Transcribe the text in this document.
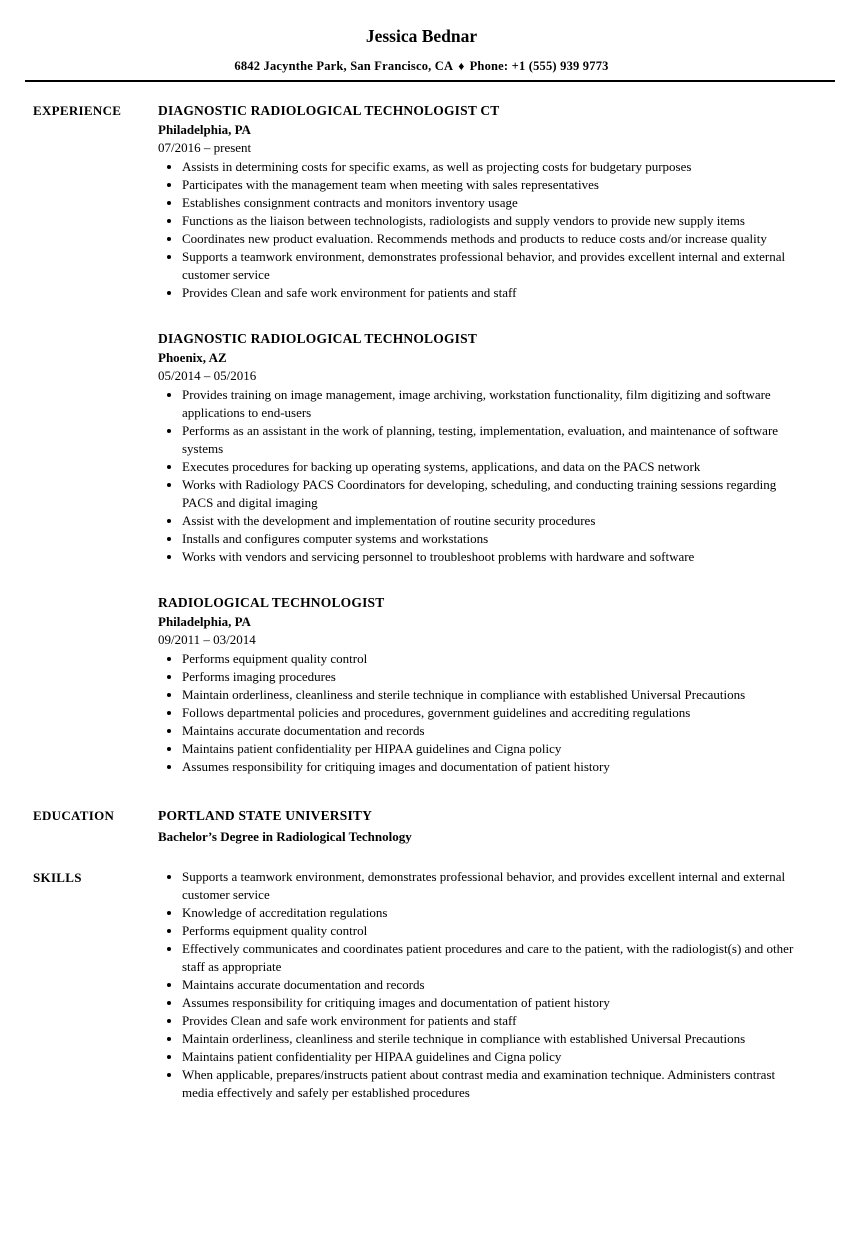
Jessica Bednar
6842 Jacynthe Park, San Francisco, CA ♦ Phone: +1 (555) 939 9773
EXPERIENCE	DIAGNOSTIC RADIOLOGICAL TECHNOLOGIST CT
Philadelphia, PA
07/2016 – present
• Assists in determining costs for specific exams, as well as projecting costs for budgetary purposes
• Participates with the management team when meeting with sales representatives
• Establishes consignment contracts and monitors inventory usage
• Functions as the liaison between technologists, radiologists and supply vendors to provide new supply items
• Coordinates new product evaluation. Recommends methods and products to reduce costs and/or increase quality
• Supports a teamwork environment, demonstrates professional behavior, and provides excellent internal and external customer service
• Provides Clean and safe work environment for patients and staff
DIAGNOSTIC RADIOLOGICAL TECHNOLOGIST
Phoenix, AZ
05/2014 – 05/2016
• Provides training on image management, image archiving, workstation functionality, film digitizing and software applications to end-users
• Performs as an assistant in the work of planning, testing, implementation, evaluation, and maintenance of software systems
• Executes procedures for backing up operating systems, applications, and data on the PACS network
• Works with Radiology PACS Coordinators for developing, scheduling, and conducting training sessions regarding PACS and digital imaging
• Assist with the development and implementation of routine security procedures
• Installs and configures computer systems and workstations
• Works with vendors and servicing personnel to troubleshoot problems with hardware and software
RADIOLOGICAL TECHNOLOGIST
Philadelphia, PA
09/2011 – 03/2014
• Performs equipment quality control
• Performs imaging procedures
• Maintain orderliness, cleanliness and sterile technique in compliance with established Universal Precautions
• Follows departmental policies and procedures, government guidelines and accrediting regulations
• Maintains accurate documentation and records
• Maintains patient confidentiality per HIPAA guidelines and Cigna policy
• Assumes responsibility for critiquing images and documentation of patient history
EDUCATION	PORTLAND STATE UNIVERSITY
Bachelor’s Degree in Radiological Technology
SKILLS	• Supports a teamwork environment, demonstrates professional behavior, and provides excellent internal and external customer service
• Knowledge of accreditation regulations
• Performs equipment quality control
• Effectively communicates and coordinates patient procedures and care to the patient, with the radiologist(s) and other staff as appropriate
• Maintains accurate documentation and records
• Assumes responsibility for critiquing images and documentation of patient history
• Provides Clean and safe work environment for patients and staff
• Maintain orderliness, cleanliness and sterile technique in compliance with established Universal Precautions
• Maintains patient confidentiality per HIPAA guidelines and Cigna policy
• When applicable, prepares/instructs patient about contrast media and examination technique. Administers contrast media effectively and safely per established procedures
